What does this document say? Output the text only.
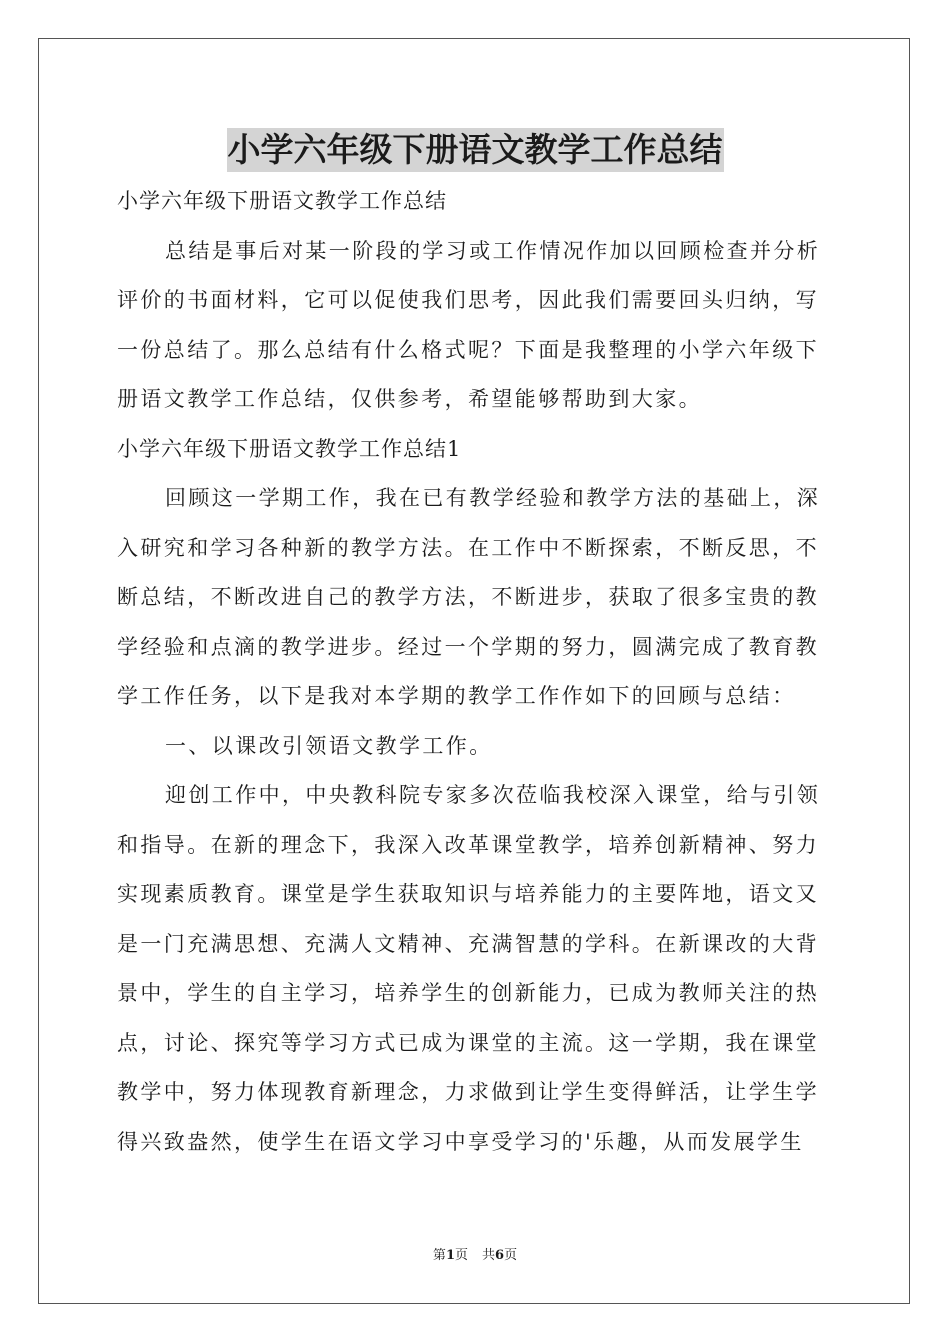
小学六年级下册语文教学工作总结
小学六年级下册语文教学工作总结
总结是事后对某一阶段的学习或工作情况作加以回顾检查并分析
评价的书面材料，它可以促使我们思考，因此我们需要回头归纳，写
一份总结了。那么总结有什么格式呢？下面是我整理的小学六年级下
册语文教学工作总结，仅供参考，希望能够帮助到大家。
小学六年级下册语文教学工作总结1
回顾这一学期工作，我在已有教学经验和教学方法的基础上，深
入研究和学习各种新的教学方法。在工作中不断探索，不断反思，不
断总结，不断改进自己的教学方法，不断进步，获取了很多宝贵的教
学经验和点滴的教学进步。经过一个学期的努力，圆满完成了教育教
学工作任务，以下是我对本学期的教学工作作如下的回顾与总结：
一、以课改引领语文教学工作。
迎创工作中，中央教科院专家多次莅临我校深入课堂，给与引领
和指导。在新的理念下，我深入改革课堂教学，培养创新精神、努力
实现素质教育。课堂是学生获取知识与培养能力的主要阵地，语文又
是一门充满思想、充满人文精神、充满智慧的学科。在新课改的大背
景中，学生的自主学习，培养学生的创新能力，已成为教师关注的热
点，讨论、探究等学习方式已成为课堂的主流。这一学期，我在课堂
教学中，努力体现教育新理念，力求做到让学生变得鲜活，让学生学
得兴致盎然，使学生在语文学习中享受学习的'乐趣，从而发展学生
第1页 共6页
